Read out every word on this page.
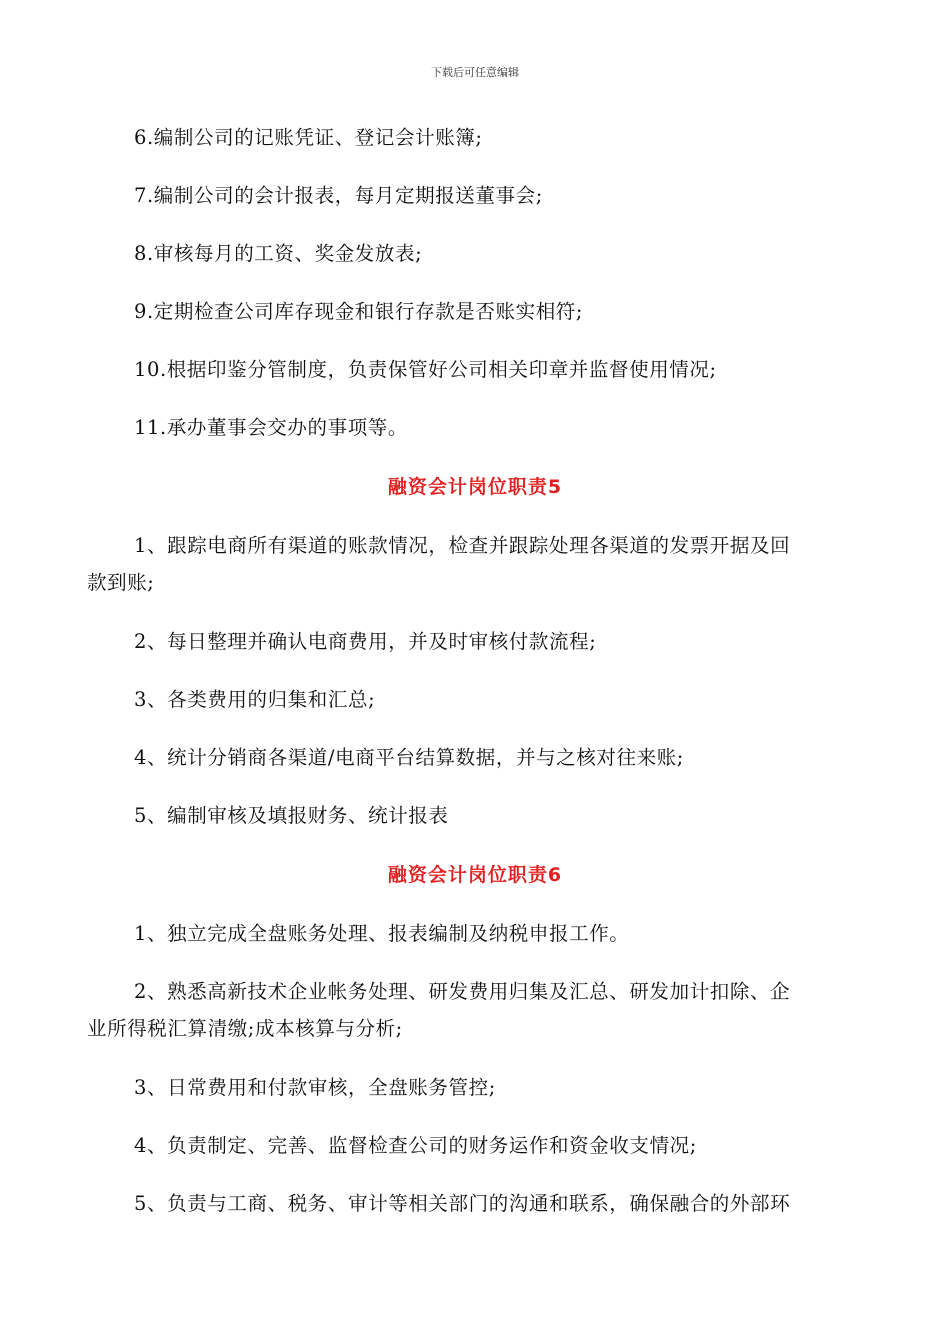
下载后可任意编辑
6.编制公司的记账凭证、登记会计账簿;
7.编制公司的会计报表，每月定期报送董事会;
8.审核每月的工资、奖金发放表;
9.定期检查公司库存现金和银行存款是否账实相符;
10.根据印鉴分管制度，负责保管好公司相关印章并监督使用情况;
11.承办董事会交办的事项等。
融资会计岗位职责5
1、跟踪电商所有渠道的账款情况，检查并跟踪处理各渠道的发票开据及回
款到账;
2、每日整理并确认电商费用，并及时审核付款流程;
3、各类费用的归集和汇总;
4、统计分销商各渠道/电商平台结算数据，并与之核对往来账;
5、编制审核及填报财务、统计报表
融资会计岗位职责6
1、独立完成全盘账务处理、报表编制及纳税申报工作。
2、熟悉高新技术企业帐务处理、研发费用归集及汇总、研发加计扣除、企
业所得税汇算清缴;成本核算与分析;
3、日常费用和付款审核，全盘账务管控;
4、负责制定、完善、监督检查公司的财务运作和资金收支情况;
5、负责与工商、税务、审计等相关部门的沟通和联系，确保融合的外部环
